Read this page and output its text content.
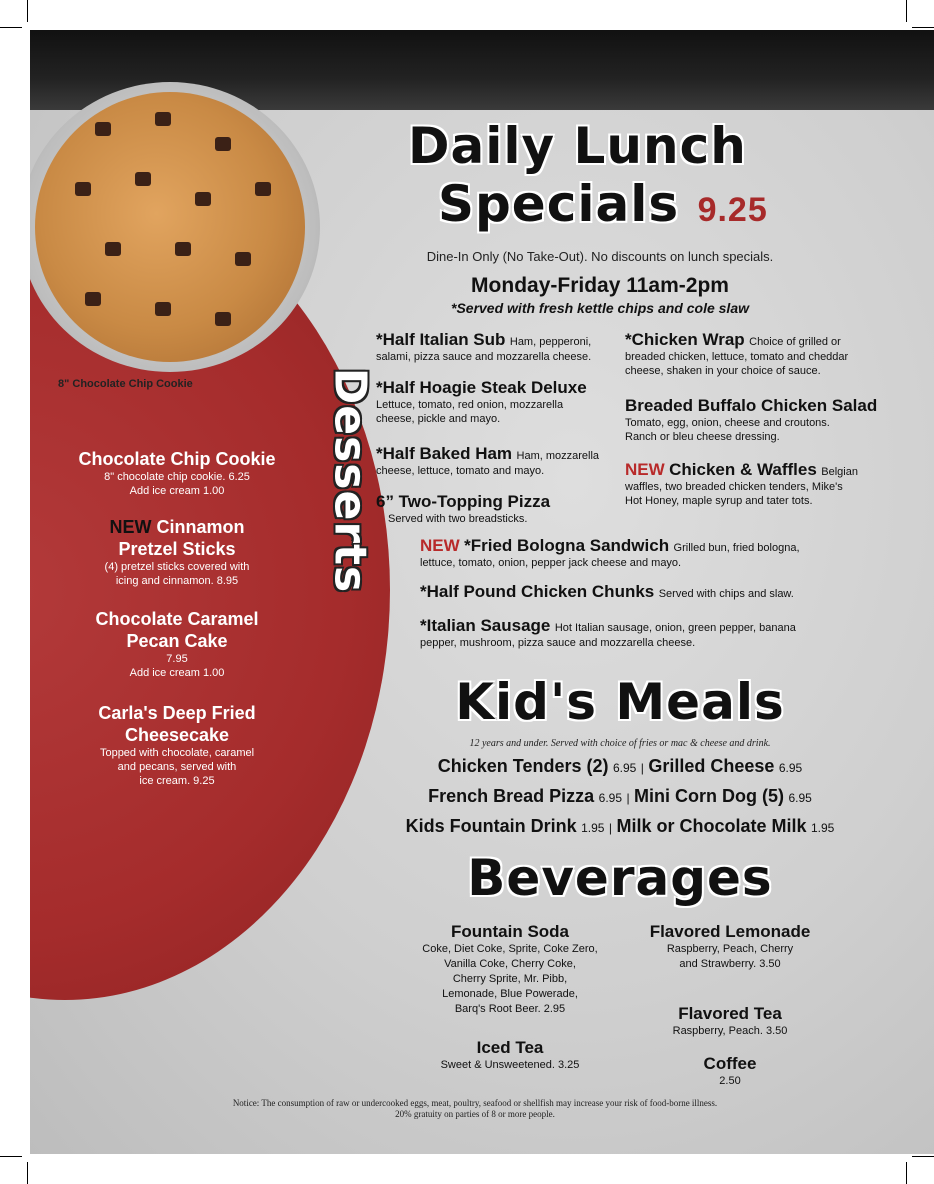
8" Chocolate Chip Cookie	Desserts
Chocolate Chip Cookie
8" chocolate chip cookie. 6.25
Add ice cream 1.00
NEW Cinnamon
Pretzel Sticks
(4) pretzel sticks covered with
icing and cinnamon. 8.95
Chocolate Caramel
Pecan Cake
7.95
Add ice cream 1.00
Carla's Deep Fried
Cheesecake
Topped with chocolate, caramel
and pecans, served with
ice cream. 9.25
Daily Lunch
Specials 9.25
Dine-In Only (No Take-Out). No discounts on lunch specials.
Monday-Friday 11am-2pm
*Served with fresh kettle chips and cole slaw
*Half Italian Sub Ham, pepperoni,
salami, pizza sauce and mozzarella cheese.
*Half Hoagie Steak Deluxe
Lettuce, tomato, red onion, mozzarella
cheese, pickle and mayo.
*Half Baked Ham Ham, mozzarella
cheese, lettuce, tomato and mayo.
6” Two-Topping Pizza
Served with two breadsticks.
*Chicken Wrap Choice of grilled or
breaded chicken, lettuce, tomato and cheddar
cheese, shaken in your choice of sauce.
Breaded Buffalo Chicken Salad
Tomato, egg, onion, cheese and croutons.
Ranch or bleu cheese dressing.
NEW Chicken & Waffles Belgian
waffles, two breaded chicken tenders, Mike's
Hot Honey, maple syrup and tater tots.
NEW *Fried Bologna Sandwich Grilled bun, fried bologna,
lettuce, tomato, onion, pepper jack cheese and mayo.
*Half Pound Chicken Chunks Served with chips and slaw.
*Italian Sausage Hot Italian sausage, onion, green pepper, banana
pepper, mushroom, pizza sauce and mozzarella cheese.
Kid's Meals
12 years and under. Served with choice of fries or mac & cheese and drink.
Chicken Tenders (2) 6.95 | Grilled Cheese 6.95
French Bread Pizza 6.95 | Mini Corn Dog (5) 6.95
Kids Fountain Drink 1.95 | Milk or Chocolate Milk 1.95
Beverages
Fountain Soda
Coke, Diet Coke, Sprite, Coke Zero,
Vanilla Coke, Cherry Coke,
Cherry Sprite, Mr. Pibb,
Lemonade, Blue Powerade,
Barq's Root Beer. 2.95
Iced Tea
Sweet & Unsweetened. 3.25
Flavored Lemonade
Raspberry, Peach, Cherry
and Strawberry. 3.50
Flavored Tea
Raspberry, Peach. 3.50
Coffee
2.50
Notice: The consumption of raw or undercooked eggs, meat, poultry, seafood or shellfish may increase your risk of food-borne illness.
20% gratuity on parties of 8 or more people.
